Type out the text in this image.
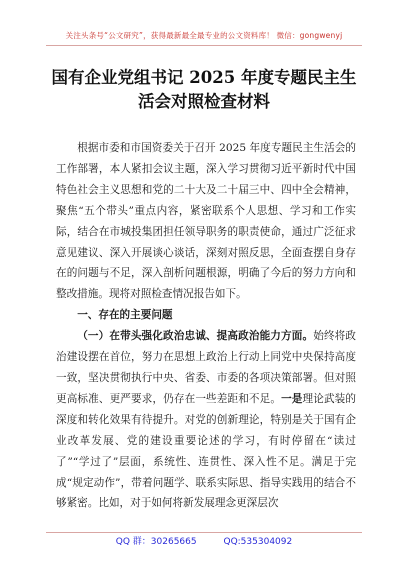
关注头条号“公文研究”，获得最新最全最专业的公文资料库！ 微信：gongwenyj
国有企业党组书记 2025 年度专题民主生
活会对照检查材料

根据市委和市国资委关于召开 2025 年度专题民主生活会的工作部署，本人紧扣会议主题，深入学习贯彻习近平新时代中国特色社会主义思想和党的二十大及二十届三中、四中全会精神，聚焦“五个带头”重点内容，紧密联系个人思想、学习和工作实际，结合在市城投集团担任领导职务的职责使命，通过广泛征求意见建议、深入开展谈心谈话，深刻对照反思，全面查摆自身存在的问题与不足，深入剖析问题根源，明确了今后的努力方向和整改措施。现将对照检查情况报告如下。

一、存在的主要问题

（一）在带头强化政治忠诚、提高政治能力方面。始终将政治建设摆在首位，努力在思想上政治上行动上同党中央保持高度一致，坚决贯彻执行中央、省委、市委的各项决策部署。但对照更高标准、更严要求，仍存在一些差距和不足。一是理论武装的深度和转化效果有待提升。对党的创新理论，特别是关于国有企业改革发展、党的建设重要论述的学习，有时停留在“读过了”“学过了”层面，系统性、连贯性、深入性不足。满足于完成“规定动作”，带着问题学、联系实际思、指导实践用的结合不够紧密。比如，对于如何将新发展理念更深层次

QQ 群：30265665	QQ:535304092
